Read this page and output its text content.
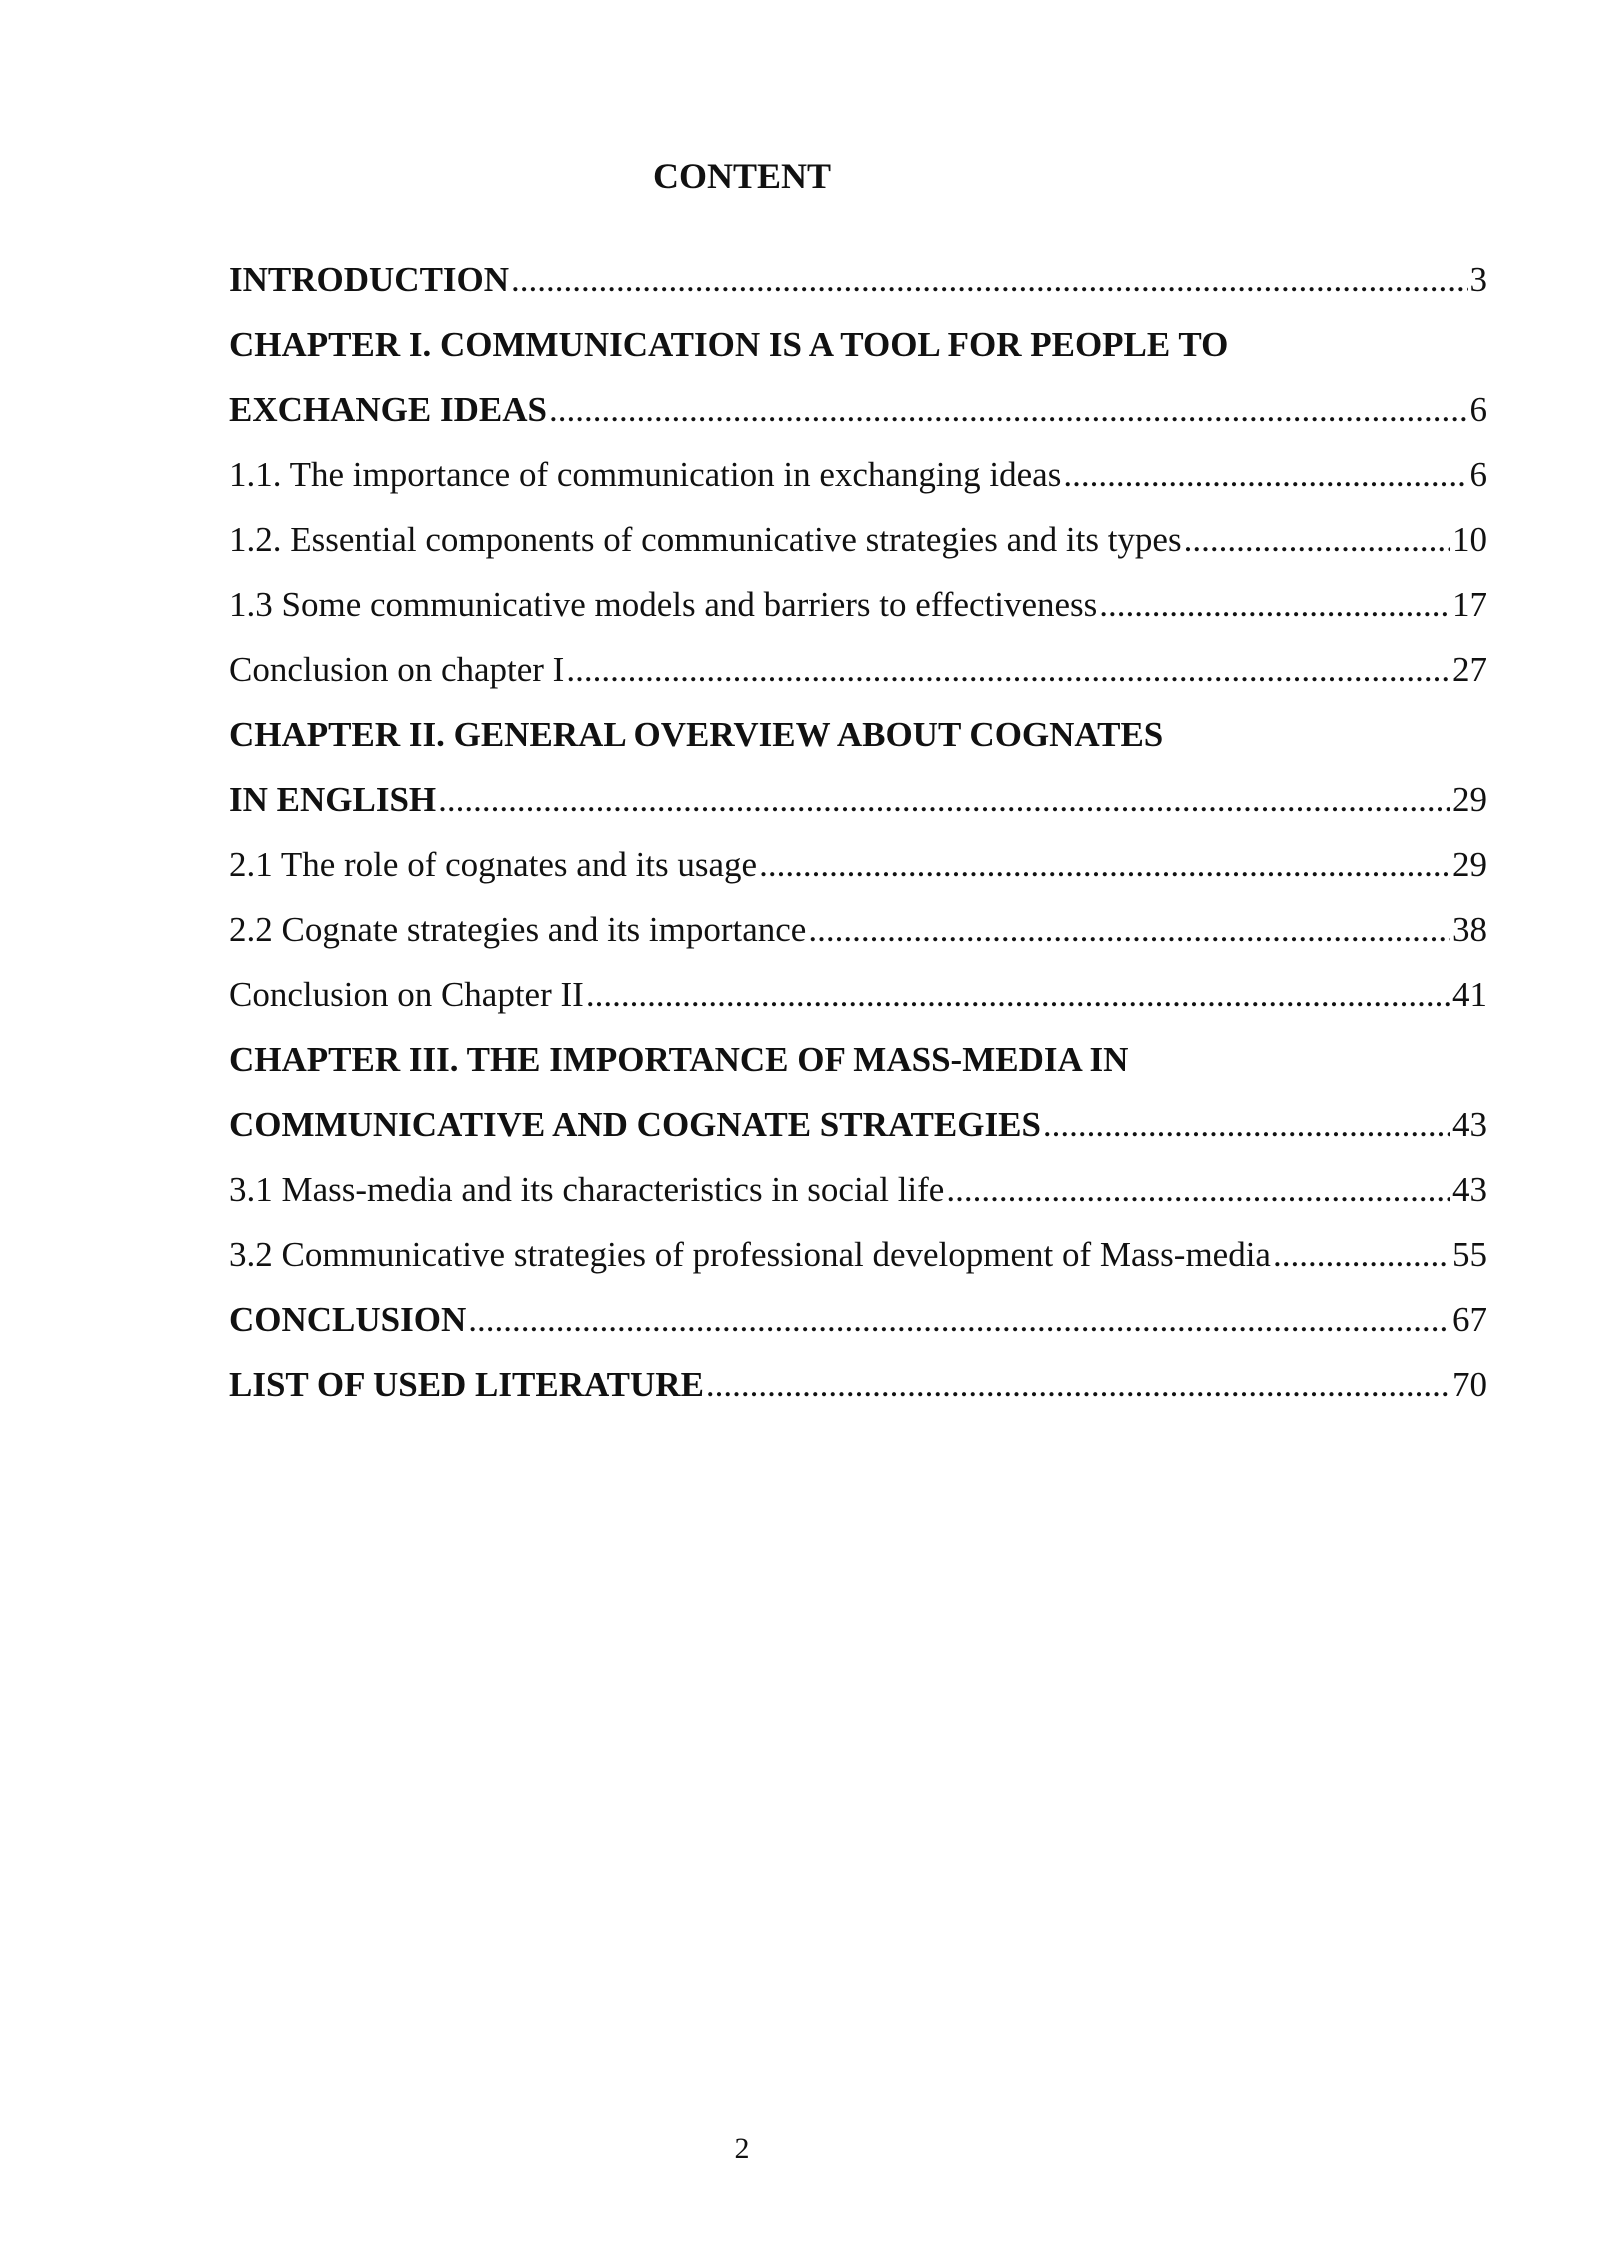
CONTENT
INTRODUCTION .....	3
CHAPTER I. COMMUNICATION IS A TOOL FOR PEOPLE TO
EXCHANGE IDEAS .....	6
1.1. The importance of communication in exchanging ideas .....	6
1.2. Essential components of communicative strategies and its types .....	10
1.3 Some communicative models and barriers to effectiveness .....	17
Conclusion on chapter I .....	27
CHAPTER II. GENERAL OVERVIEW ABOUT COGNATES
IN ENGLISH .....	29
2.1 The role of cognates and its usage .....	29
2.2 Cognate strategies and its importance .....	38
Conclusion on Chapter II .....	41
CHAPTER III. THE IMPORTANCE OF MASS-MEDIA IN
COMMUNICATIVE AND COGNATE STRATEGIES .....	43
3.1 Mass-media and its characteristics in social life .....	43
3.2 Communicative strategies of professional development of Mass-media .....	55
CONCLUSION .....	67
LIST OF USED LITERATURE .....	70
2
